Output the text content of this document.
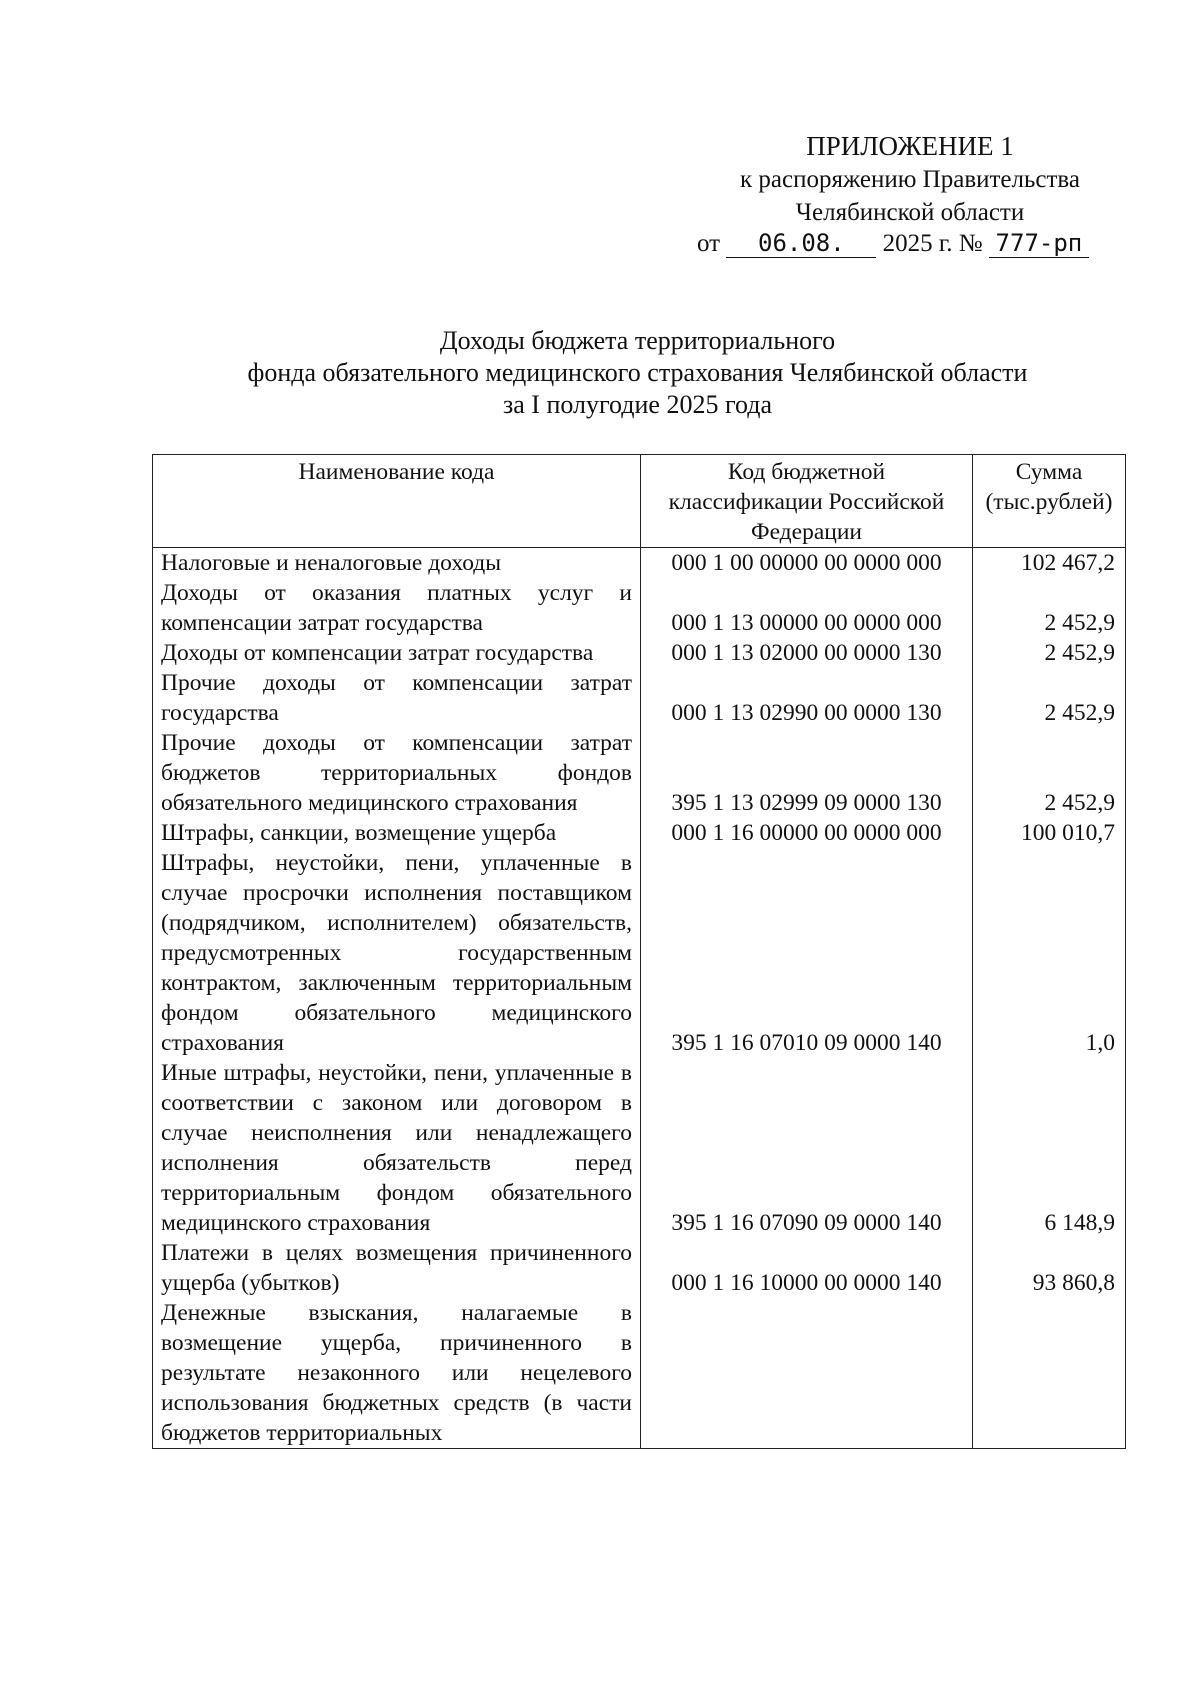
ПРИЛОЖЕНИЕ 1
к распоряжению Правительства
Челябинской области
от 06.08. 2025 г. № 777-рп
Доходы бюджета территориального
фонда обязательного медицинского страхования Челябинской области
за I полугодие 2025 года
Наименование кода	Код бюджетной классификации Российской Федерации	Сумма (тыс.рублей)
Налоговые и неналоговые доходы	000 1 00 00000 00 0000 000	102 467,2
Доходы от оказания платных услуг и компенсации затрат государства	000 1 13 00000 00 0000 000	2 452,9
Доходы от компенсации затрат государства	000 1 13 02000 00 0000 130	2 452,9
Прочие доходы от компенсации затрат государства	000 1 13 02990 00 0000 130	2 452,9
Прочие доходы от компенсации затрат бюджетов территориальных фондов обязательного медицинского страхования	395 1 13 02999 09 0000 130	2 452,9
Штрафы, санкции, возмещение ущерба	000 1 16 00000 00 0000 000	100 010,7
Штрафы, неустойки, пени, уплаченные в случае просрочки исполнения поставщиком (подрядчиком, исполнителем) обязательств, предусмотренных государственным контрактом, заключенным территориальным фондом обязательного медицинского страхования	395 1 16 07010 09 0000 140	1,0
Иные штрафы, неустойки, пени, уплаченные в соответствии с законом или договором в случае неисполнения или ненадлежащего исполнения обязательств перед территориальным фондом обязательного медицинского страхования	395 1 16 07090 09 0000 140	6 148,9
Платежи в целях возмещения причиненного ущерба (убытков)	000 1 16 10000 00 0000 140	93 860,8
Денежные взыскания, налагаемые в возмещение ущерба, причиненного в результате незаконного или нецелевого использования бюджетных средств (в части бюджетов территориальных		
